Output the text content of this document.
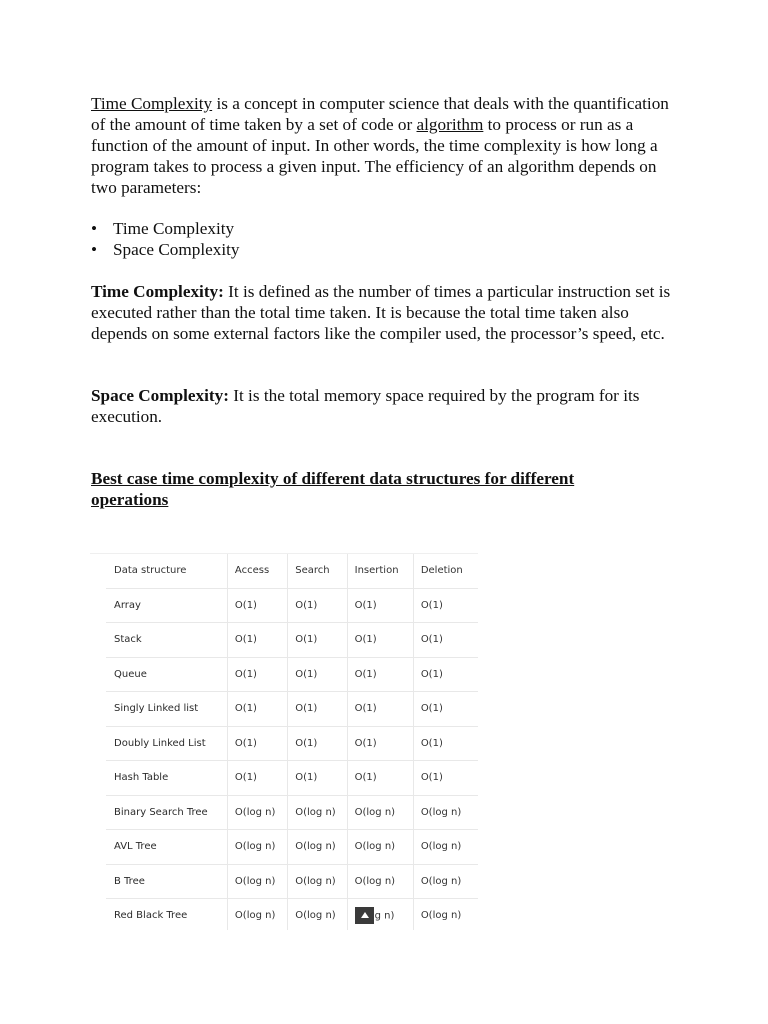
Time Complexity is a concept in computer science that deals with the quantification of the amount of time taken by a set of code or algorithm to process or run as a function of the amount of input. In other words, the time complexity is how long a program takes to process a given input. The efficiency of an algorithm depends on two parameters:

• Time Complexity
• Space Complexity

Time Complexity: It is defined as the number of times a particular instruction set is executed rather than the total time taken. It is because the total time taken also depends on some external factors like the compiler used, the processor’s speed, etc.

Space Complexity: It is the total memory space required by the program for its execution.

Best case time complexity of different data structures for different operations

Data structure	Access	Search	Insertion	Deletion
Array	O(1)	O(1)	O(1)	O(1)
Stack	O(1)	O(1)	O(1)	O(1)
Queue	O(1)	O(1)	O(1)	O(1)
Singly Linked list	O(1)	O(1)	O(1)	O(1)
Doubly Linked List	O(1)	O(1)	O(1)	O(1)
Hash Table	O(1)	O(1)	O(1)	O(1)
Binary Search Tree	O(log n)	O(log n)	O(log n)	O(log n)
AVL Tree	O(log n)	O(log n)	O(log n)	O(log n)
B Tree	O(log n)	O(log n)	O(log n)	O(log n)
Red Black Tree	O(log n)	O(log n)	g n)	O(log n)
